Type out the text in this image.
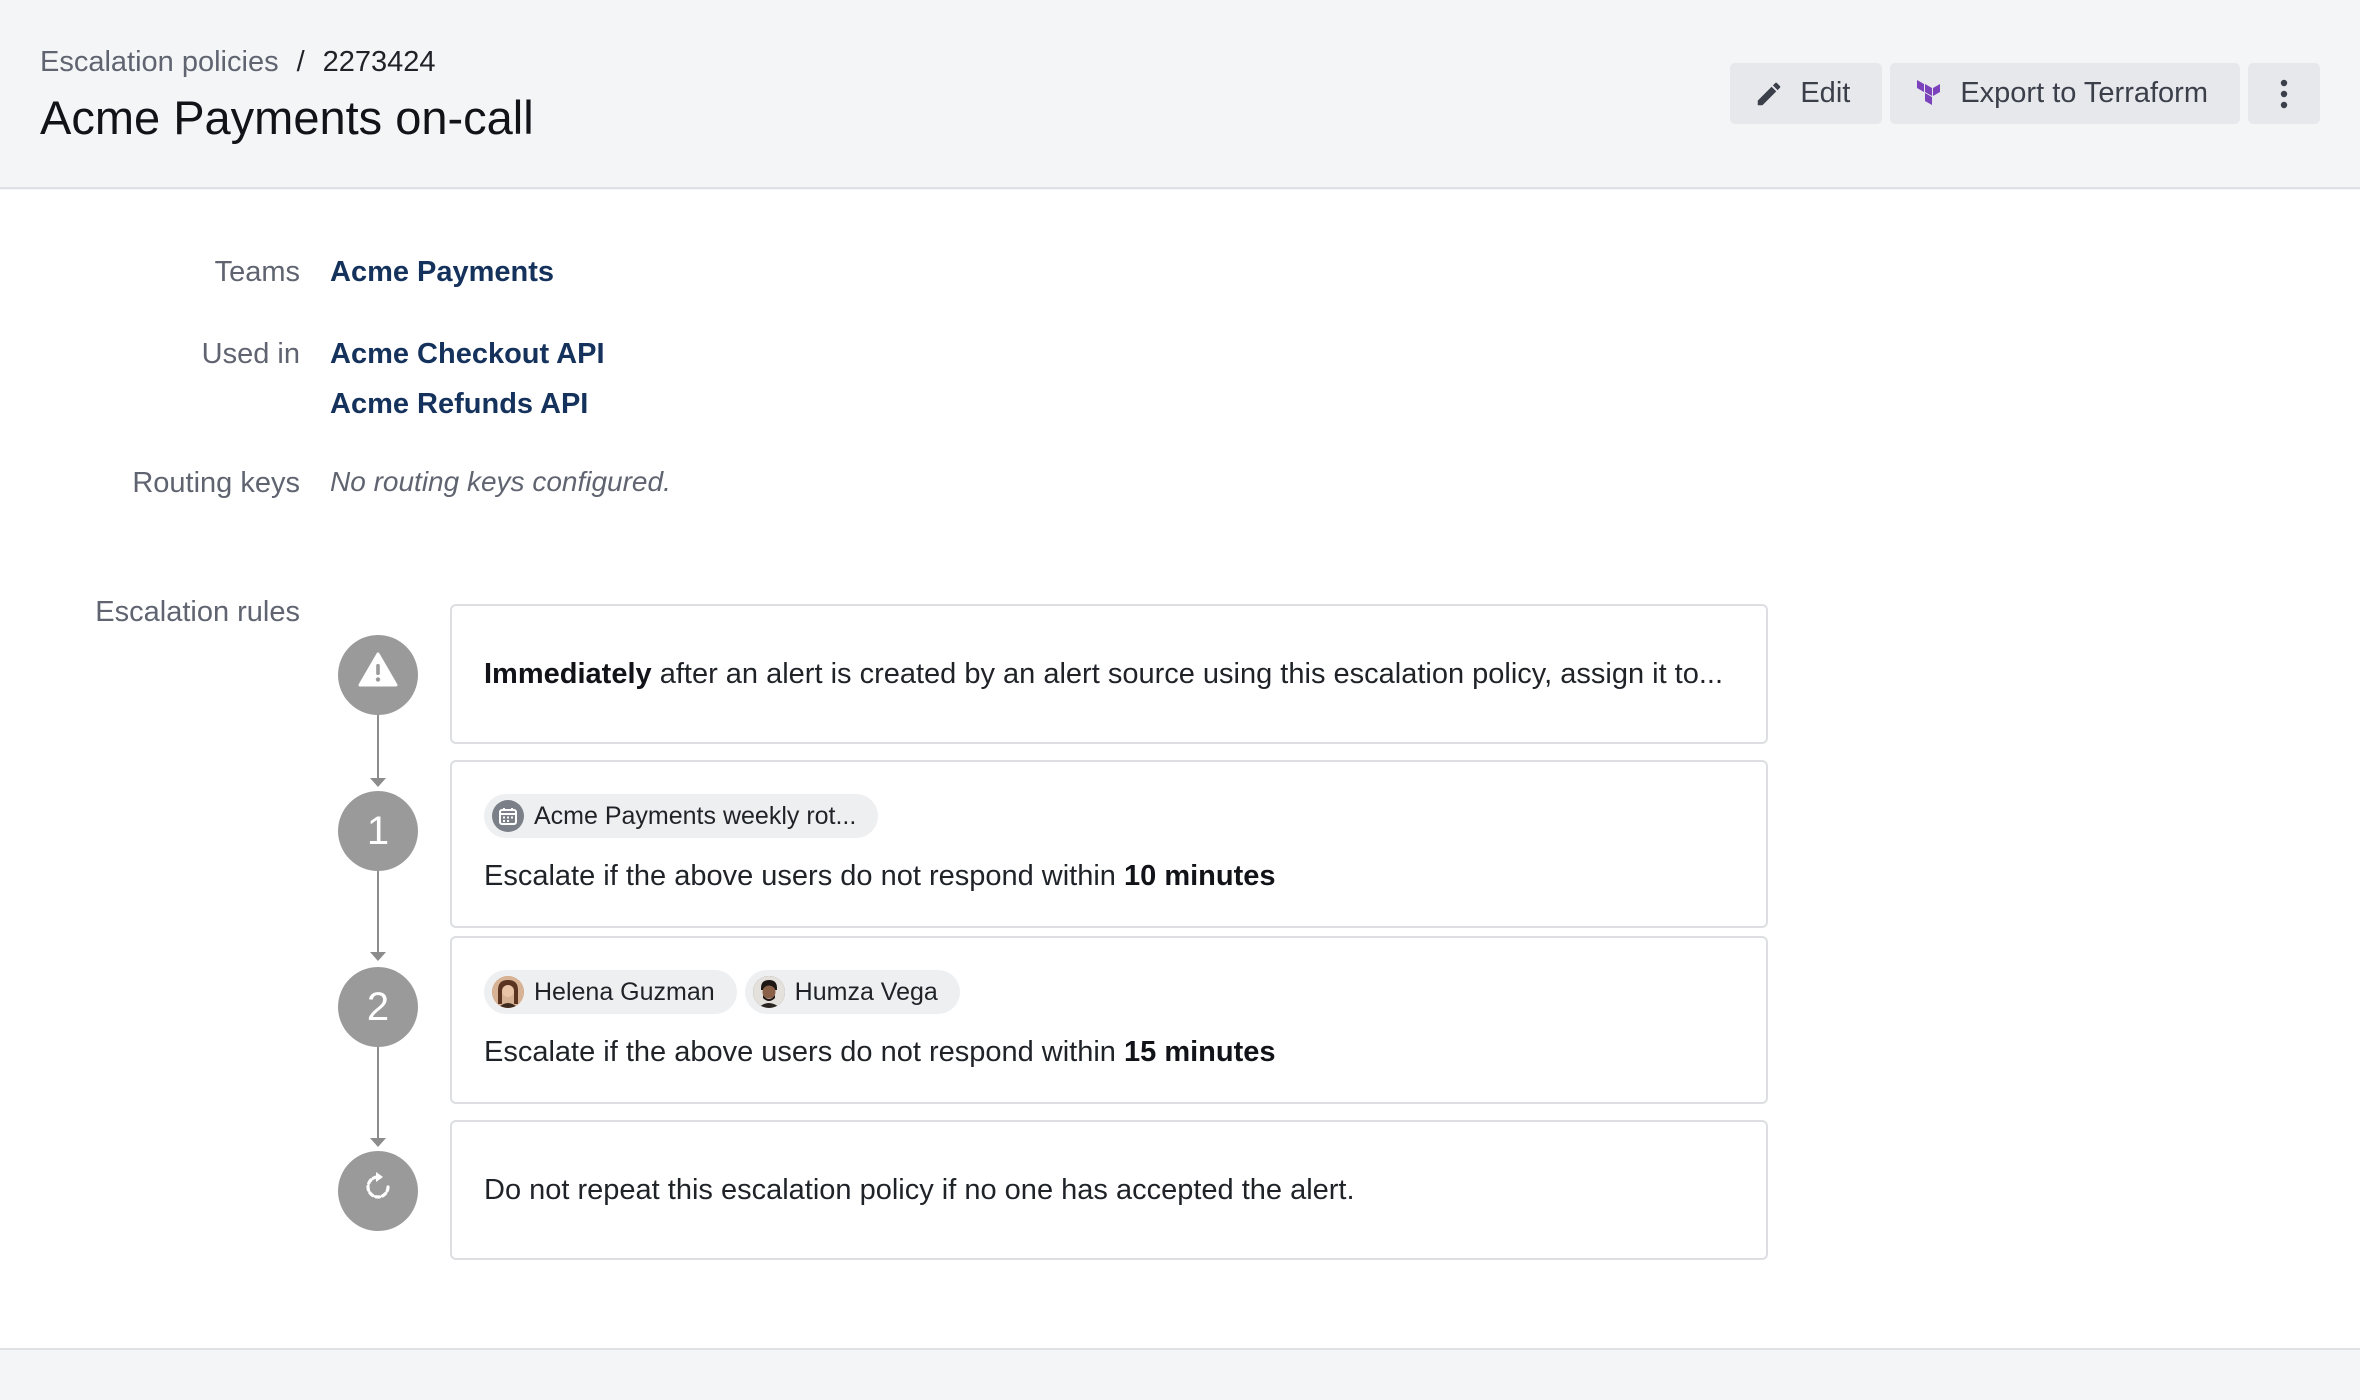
Escalation policies / 2273424
Acme Payments on-call	Edit	Export to Terraform
Teams Acme Payments
Used in Acme Checkout API
Acme Refunds API
Routing keys No routing keys configured.
Escalation rules
Immediately after an alert is created by an alert source using this escalation policy, assign it to...
1	Acme Payments weekly rot...
Escalate if the above users do not respond within 10 minutes
2	Helena Guzman	Humza Vega
Escalate if the above users do not respond within 15 minutes
Do not repeat this escalation policy if no one has accepted the alert.
